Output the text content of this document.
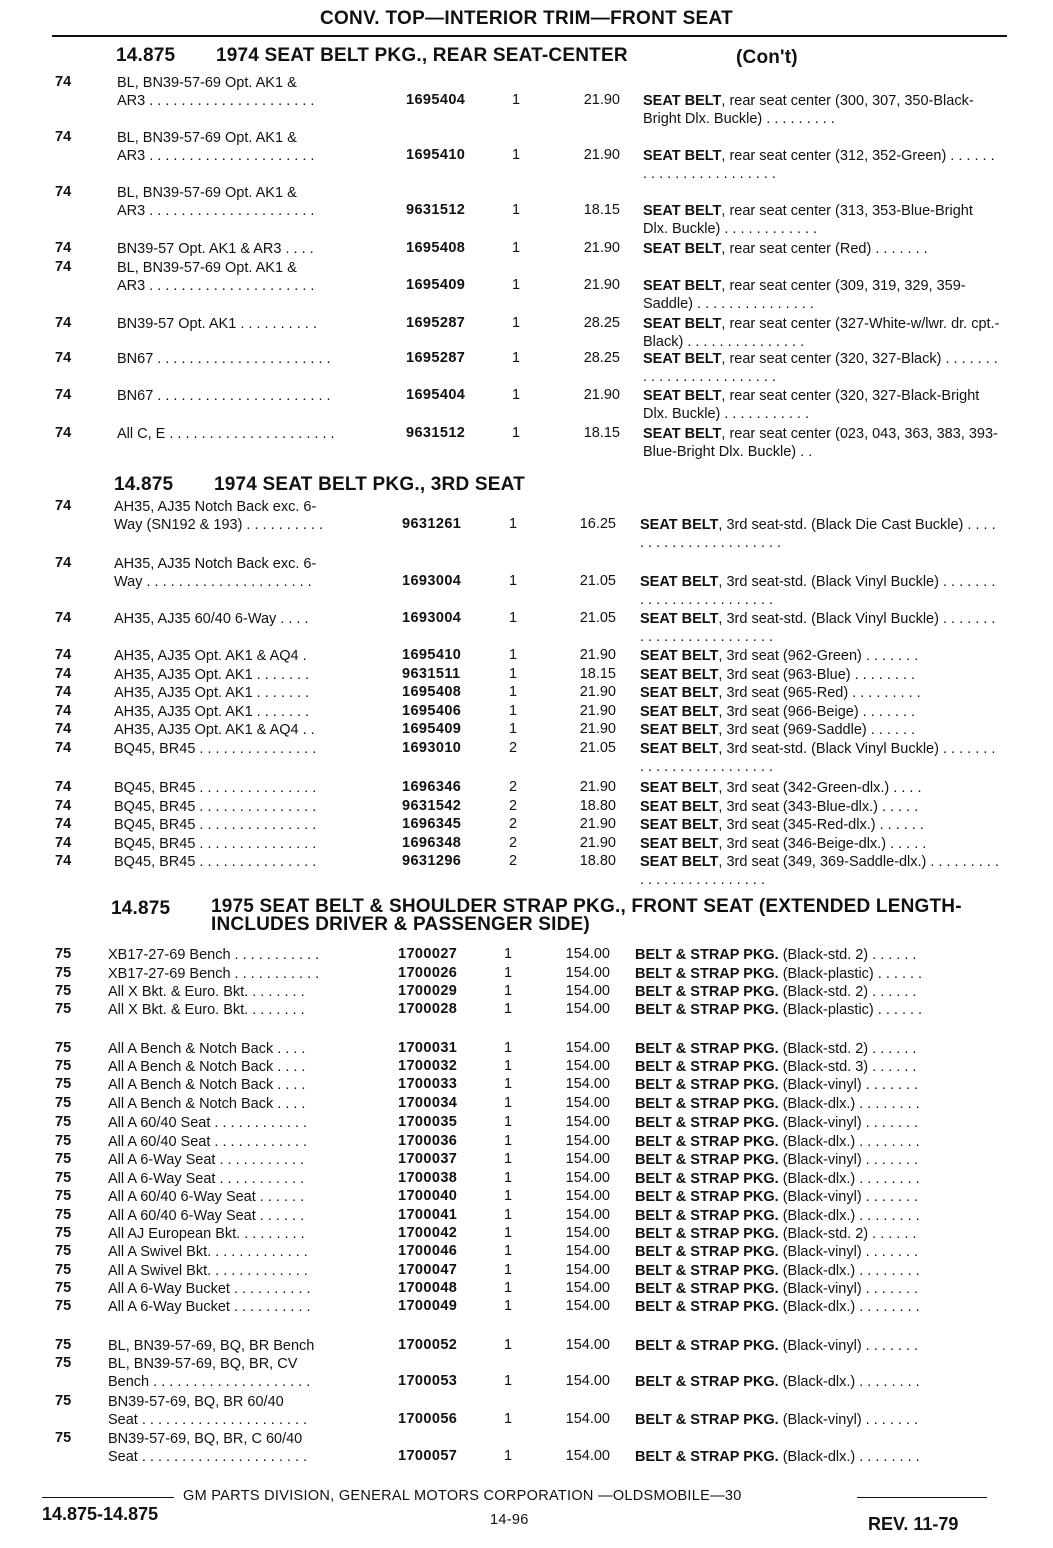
CONV. TOP—INTERIOR TRIM—FRONT SEAT
GM PARTS DIVISION, GENERAL MOTORS CORPORATION —OLDSMOBILE—30
14.875-14.875	14-96	REV. 11-79
14.875 1974 SEAT BELT PKG., REAR SEAT-CENTER	(Con't)
74	BL, BN39-57-69 Opt. AK1 &
AR3 . . . . . . . . . . . . . . . . . . . . .	1695404	1	21.90 SEAT BELT, rear seat center (300, 307, 350-Black-Bright Dlx. Buckle) . . . . . . . . .
74	BL, BN39-57-69 Opt. AK1 &
AR3 . . . . . . . . . . . . . . . . . . . . .	1695410	1	21.90 SEAT BELT, rear seat center (312, 352-Green) . . . . . . . . . . . . . . . . . . . . . . .
74	BL, BN39-57-69 Opt. AK1 &
AR3 . . . . . . . . . . . . . . . . . . . . .	9631512	1	18.15 SEAT BELT, rear seat center (313, 353-Blue-Bright Dlx. Buckle) . . . . . . . . . . . .
74	BN39-57 Opt. AK1 & AR3 . . . .	1695408	1	21.90 SEAT BELT, rear seat center (Red) . . . . . . .
74	BL, BN39-57-69 Opt. AK1 &
AR3 . . . . . . . . . . . . . . . . . . . . .	1695409	1	21.90 SEAT BELT, rear seat center (309, 319, 329, 359-Saddle) . . . . . . . . . . . . . . .
74	BN39-57 Opt. AK1 . . . . . . . . . .	1695287	1	28.25 SEAT BELT, rear seat center (327-White-w/lwr. dr. cpt.-Black) . . . . . . . . . . . . . . .
74	BN67 . . . . . . . . . . . . . . . . . . . . . .	1695287	1	28.25 SEAT BELT, rear seat center (320, 327-Black) . . . . . . . . . . . . . . . . . . . . . . . .
74	BN67 . . . . . . . . . . . . . . . . . . . . . .	1695404	1	21.90 SEAT BELT, rear seat center (320, 327-Black-Bright Dlx. Buckle) . . . . . . . . . . .
74	All C, E . . . . . . . . . . . . . . . . . . . . .	9631512	1	18.15 SEAT BELT, rear seat center (023, 043, 363, 383, 393-Blue-Bright Dlx. Buckle) . .
14.875 1974 SEAT BELT PKG., 3RD SEAT
74	AH35, AJ35 Notch Back exc. 6-
Way (SN192 & 193) . . . . . . . . . .	9631261	1	16.25 SEAT BELT, 3rd seat-std. (Black Die Cast Buckle) . . . . . . . . . . . . . . . . . . . . . .
74	AH35, AJ35 Notch Back exc. 6-
Way . . . . . . . . . . . . . . . . . . . . .	1693004	1	21.05 SEAT BELT, 3rd seat-std. (Black Vinyl Buckle) . . . . . . . . . . . . . . . . . . . . . . . .
74	AH35, AJ35 60/40 6-Way . . . .	1693004	1	21.05 SEAT BELT, 3rd seat-std. (Black Vinyl Buckle) . . . . . . . . . . . . . . . . . . . . . . . .
74	AH35, AJ35 Opt. AK1 & AQ4 .	1695410	1	21.90 SEAT BELT, 3rd seat (962-Green) . . . . . . .
74	AH35, AJ35 Opt. AK1 . . . . . . .	9631511	1	18.15 SEAT BELT, 3rd seat (963-Blue) . . . . . . . .
74	AH35, AJ35 Opt. AK1 . . . . . . .	1695408	1	21.90 SEAT BELT, 3rd seat (965-Red) . . . . . . . . .
74	AH35, AJ35 Opt. AK1 . . . . . . .	1695406	1	21.90 SEAT BELT, 3rd seat (966-Beige) . . . . . . .
74	AH35, AJ35 Opt. AK1 & AQ4 . .	1695409	1	21.90 SEAT BELT, 3rd seat (969-Saddle) . . . . . .
74	BQ45, BR45 . . . . . . . . . . . . . . .	1693010	2	21.05 SEAT BELT, 3rd seat-std. (Black Vinyl Buckle) . . . . . . . . . . . . . . . . . . . . . . . .
74	BQ45, BR45 . . . . . . . . . . . . . . .	1696346	2	21.90 SEAT BELT, 3rd seat (342-Green-dlx.) . . . .
74	BQ45, BR45 . . . . . . . . . . . . . . .	9631542	2	18.80 SEAT BELT, 3rd seat (343-Blue-dlx.) . . . . .
74	BQ45, BR45 . . . . . . . . . . . . . . .	1696345	2	21.90 SEAT BELT, 3rd seat (345-Red-dlx.) . . . . . .
74	BQ45, BR45 . . . . . . . . . . . . . . .	1696348	2	21.90 SEAT BELT, 3rd seat (346-Beige-dlx.) . . . . .
74	BQ45, BR45 . . . . . . . . . . . . . . .	9631296	2	18.80 SEAT BELT, 3rd seat (349, 369-Saddle-dlx.) . . . . . . . . . . . . . . . . . . . . . . . . .
14.875 1975 SEAT BELT & SHOULDER STRAP PKG., FRONT SEAT (EXTENDED LENGTH-INCLUDES DRIVER & PASSENGER SIDE)
75	XB17-27-69 Bench . . . . . . . . . . .	1700027	1	154.00 BELT & STRAP PKG. (Black-std. 2) . . . . . .
75	XB17-27-69 Bench . . . . . . . . . . .	1700026	1	154.00 BELT & STRAP PKG. (Black-plastic) . . . . . .
75	All X Bkt. & Euro. Bkt. . . . . . . .	1700029	1	154.00 BELT & STRAP PKG. (Black-std. 2) . . . . . .
75	All X Bkt. & Euro. Bkt. . . . . . . .	1700028	1	154.00 BELT & STRAP PKG. (Black-plastic) . . . . . .
75	All A Bench & Notch Back . . . .	1700031	1	154.00 BELT & STRAP PKG. (Black-std. 2) . . . . . .
75	All A Bench & Notch Back . . . .	1700032	1	154.00 BELT & STRAP PKG. (Black-std. 3) . . . . . .
75	All A Bench & Notch Back . . . .	1700033	1	154.00 BELT & STRAP PKG. (Black-vinyl) . . . . . . .
75	All A Bench & Notch Back . . . .	1700034	1	154.00 BELT & STRAP PKG. (Black-dlx.) . . . . . . . .
75	All A 60/40 Seat . . . . . . . . . . . .	1700035	1	154.00 BELT & STRAP PKG. (Black-vinyl) . . . . . . .
75	All A 60/40 Seat . . . . . . . . . . . .	1700036	1	154.00 BELT & STRAP PKG. (Black-dlx.) . . . . . . . .
75	All A 6-Way Seat . . . . . . . . . . .	1700037	1	154.00 BELT & STRAP PKG. (Black-vinyl) . . . . . . .
75	All A 6-Way Seat . . . . . . . . . . .	1700038	1	154.00 BELT & STRAP PKG. (Black-dlx.) . . . . . . . .
75	All A 60/40 6-Way Seat . . . . . .	1700040	1	154.00 BELT & STRAP PKG. (Black-vinyl) . . . . . . .
75	All A 60/40 6-Way Seat . . . . . .	1700041	1	154.00 BELT & STRAP PKG. (Black-dlx.) . . . . . . . .
75	All AJ European Bkt. . . . . . . . .	1700042	1	154.00 BELT & STRAP PKG. (Black-std. 2) . . . . . .
75	All A Swivel Bkt. . . . . . . . . . . . .	1700046	1	154.00 BELT & STRAP PKG. (Black-vinyl) . . . . . . .
75	All A Swivel Bkt. . . . . . . . . . . . .	1700047	1	154.00 BELT & STRAP PKG. (Black-dlx.) . . . . . . . .
75	All A 6-Way Bucket . . . . . . . . . .	1700048	1	154.00 BELT & STRAP PKG. (Black-vinyl) . . . . . . .
75	All A 6-Way Bucket . . . . . . . . . .	1700049	1	154.00 BELT & STRAP PKG. (Black-dlx.) . . . . . . . .
75	BL, BN39-57-69, BQ, BR Bench	1700052	1	154.00 BELT & STRAP PKG. (Black-vinyl) . . . . . . .
75	BL, BN39-57-69, BQ, BR, CV
Bench . . . . . . . . . . . . . . . . . . . .	1700053	1	154.00 BELT & STRAP PKG. (Black-dlx.) . . . . . . . .
75	BN39-57-69, BQ, BR 60/40
Seat . . . . . . . . . . . . . . . . . . . . .	1700056	1	154.00 BELT & STRAP PKG. (Black-vinyl) . . . . . . .
75	BN39-57-69, BQ, BR, C 60/40
Seat . . . . . . . . . . . . . . . . . . . . .	1700057	1	154.00 BELT & STRAP PKG. (Black-dlx.) . . . . . . . .
